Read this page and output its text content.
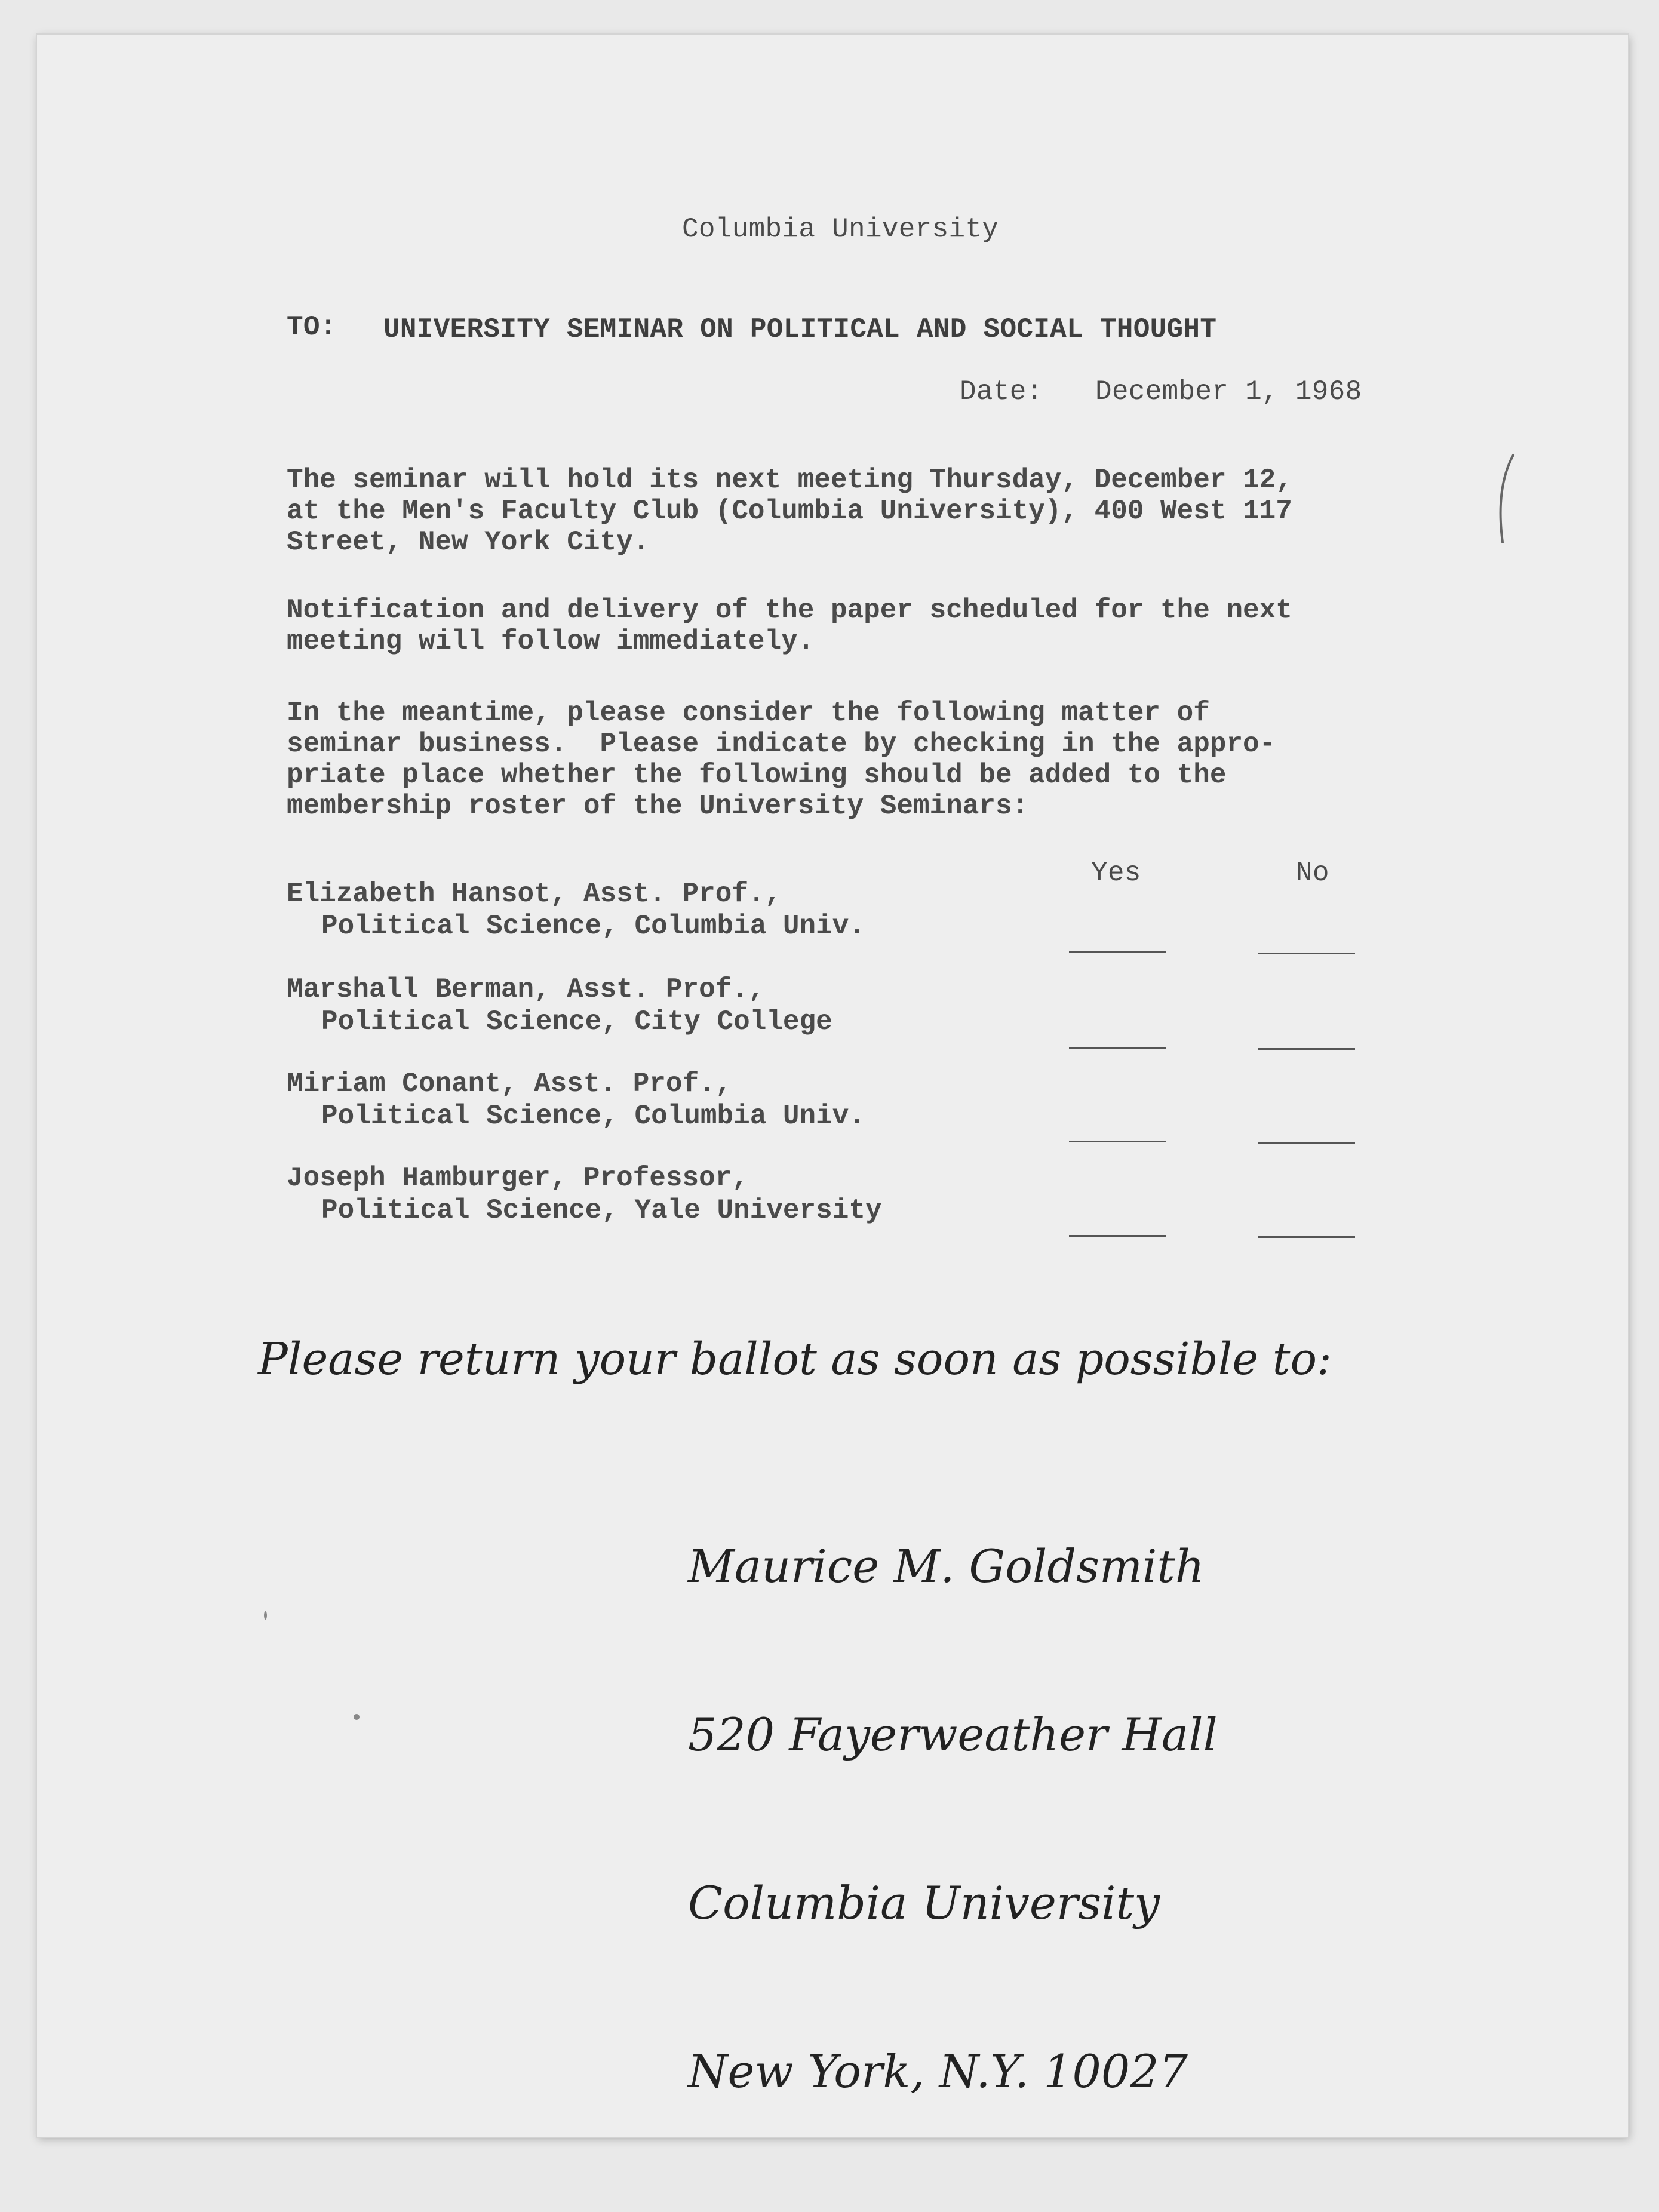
Columbia University

TO: UNIVERSITY SEMINAR ON POLITICAL AND SOCIAL THOUGHT

Date: December 1, 1968

The seminar will hold its next meeting Thursday, December 12,
at the Men's Faculty Club (Columbia University), 400 West 117
Street, New York City.
Notification and delivery of the paper scheduled for the next
meeting will follow immediately.
In the meantime, please consider the following matter of
seminar business.  Please indicate by checking in the appro-
priate place whether the following should be added to the
membership roster of the University Seminars:

Yes	No

Elizabeth Hansot, Asst. Prof.,
Political Science, Columbia Univ.
Marshall Berman, Asst. Prof.,
Political Science, City College
Miriam Conant, Asst. Prof.,
Political Science, Columbia Univ.
Joseph Hamburger, Professor,
Political Science, Yale University

Please return your ballot as soon as possible to:

Maurice M. Goldsmith

520 Fayerweather Hall

Columbia University

New York, N.Y. 10027
